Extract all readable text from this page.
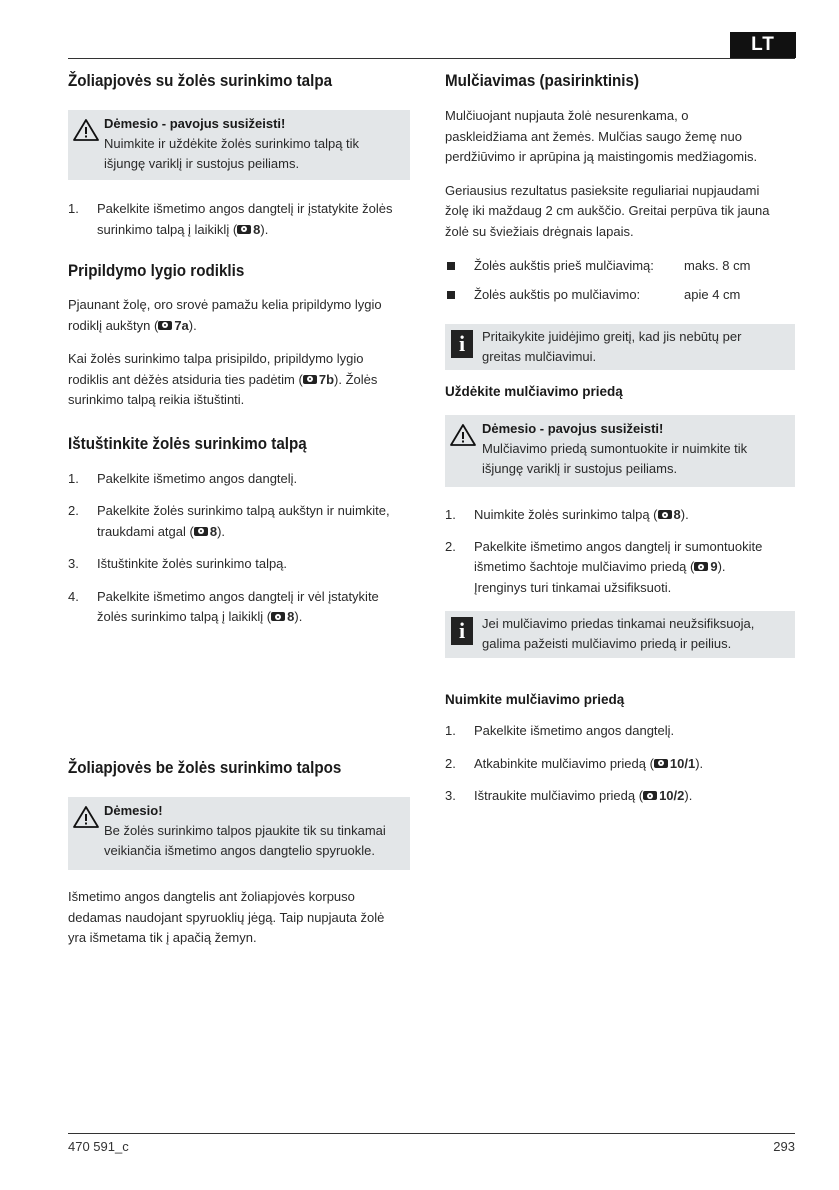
LT
Žoliapjovės su žolės surinkimo talpa
Dėmesio - pavojus susižeisti!
Nuimkite ir uždėkite žolės surinkimo talpą tik
išjungę variklį ir sustojus peiliams.
1. Pakelkite išmetimo angos dangtelį ir įstatykite žolės
surinkimo talpą į laikiklį ( 8).
Pripildymo lygio rodiklis

Pjaunant žolę, oro srovė pamažu kelia pripildymo lygio
rodiklį aukštyn ( 7a).

Kai žolės surinkimo talpa prisipildo, pripildymo lygio
rodiklis ant dėžės atsiduria ties padėtim ( 7b). Žolės
surinkimo talpą reikia ištuštinti.

Ištuštinkite žolės surinkimo talpą
1. Pakelkite išmetimo angos dangtelį.
2. Pakelkite žolės surinkimo talpą aukštyn ir nuimkite,
traukdami atgal ( 8).
3. Ištuštinkite žolės surinkimo talpą.
4. Pakelkite išmetimo angos dangtelį ir vėl įstatykite
žolės surinkimo talpą į laikiklį ( 8).
Žoliapjovės be žolės surinkimo talpos
Dėmesio!
Be žolės surinkimo talpos pjaukite tik su tinkamai
veikiančia išmetimo angos dangtelio spyruokle.

Išmetimo angos dangtelis ant žoliapjovės korpuso
dedamas naudojant spyruoklių jėgą. Taip nupjauta žolė
yra išmetama tik į apačią žemyn.

Mulčiavimas (pasirinktinis)

Mulčiuojant nupjauta žolė nesurenkama, o
paskleidžiama ant žemės. Mulčias saugo žemę nuo
perdžiūvimo ir aprūpina ją maistingomis medžiagomis.

Geriausius rezultatus pasieksite reguliariai nupjaudami
žolę iki maždaug 2 cm aukščio. Greitai perpūva tik jauna
žolė su šviežiais drėgnais lapais.

Žolės aukštis prieš mulčiavimą:	maks. 8 cm
Žolės aukštis po mulčiavimo:	apie 4 cm
i	Pritaikykite juidėjimo greitį, kad jis nebūtų per
greitas mulčiavimui.
Uždėkite mulčiavimo priedą
Dėmesio - pavojus susižeisti!
Mulčiavimo priedą sumontuokite ir nuimkite tik
išjungę variklį ir sustojus peiliams.
1. Nuimkite žolės surinkimo talpą ( 8).
2. Pakelkite išmetimo angos dangtelį ir sumontuokite
išmetimo šachtoje mulčiavimo priedą ( 9).
Įrenginys turi tinkamai užsifiksuoti.
i	Jei mulčiavimo priedas tinkamai neužsifiksuoja,
galima pažeisti mulčiavimo priedą ir peilius.
Nuimkite mulčiavimo priedą
1. Pakelkite išmetimo angos dangtelį.
2. Atkabinkite mulčiavimo priedą ( 10/1).
3. Ištraukite mulčiavimo priedą ( 10/2).
470 591_c	293
